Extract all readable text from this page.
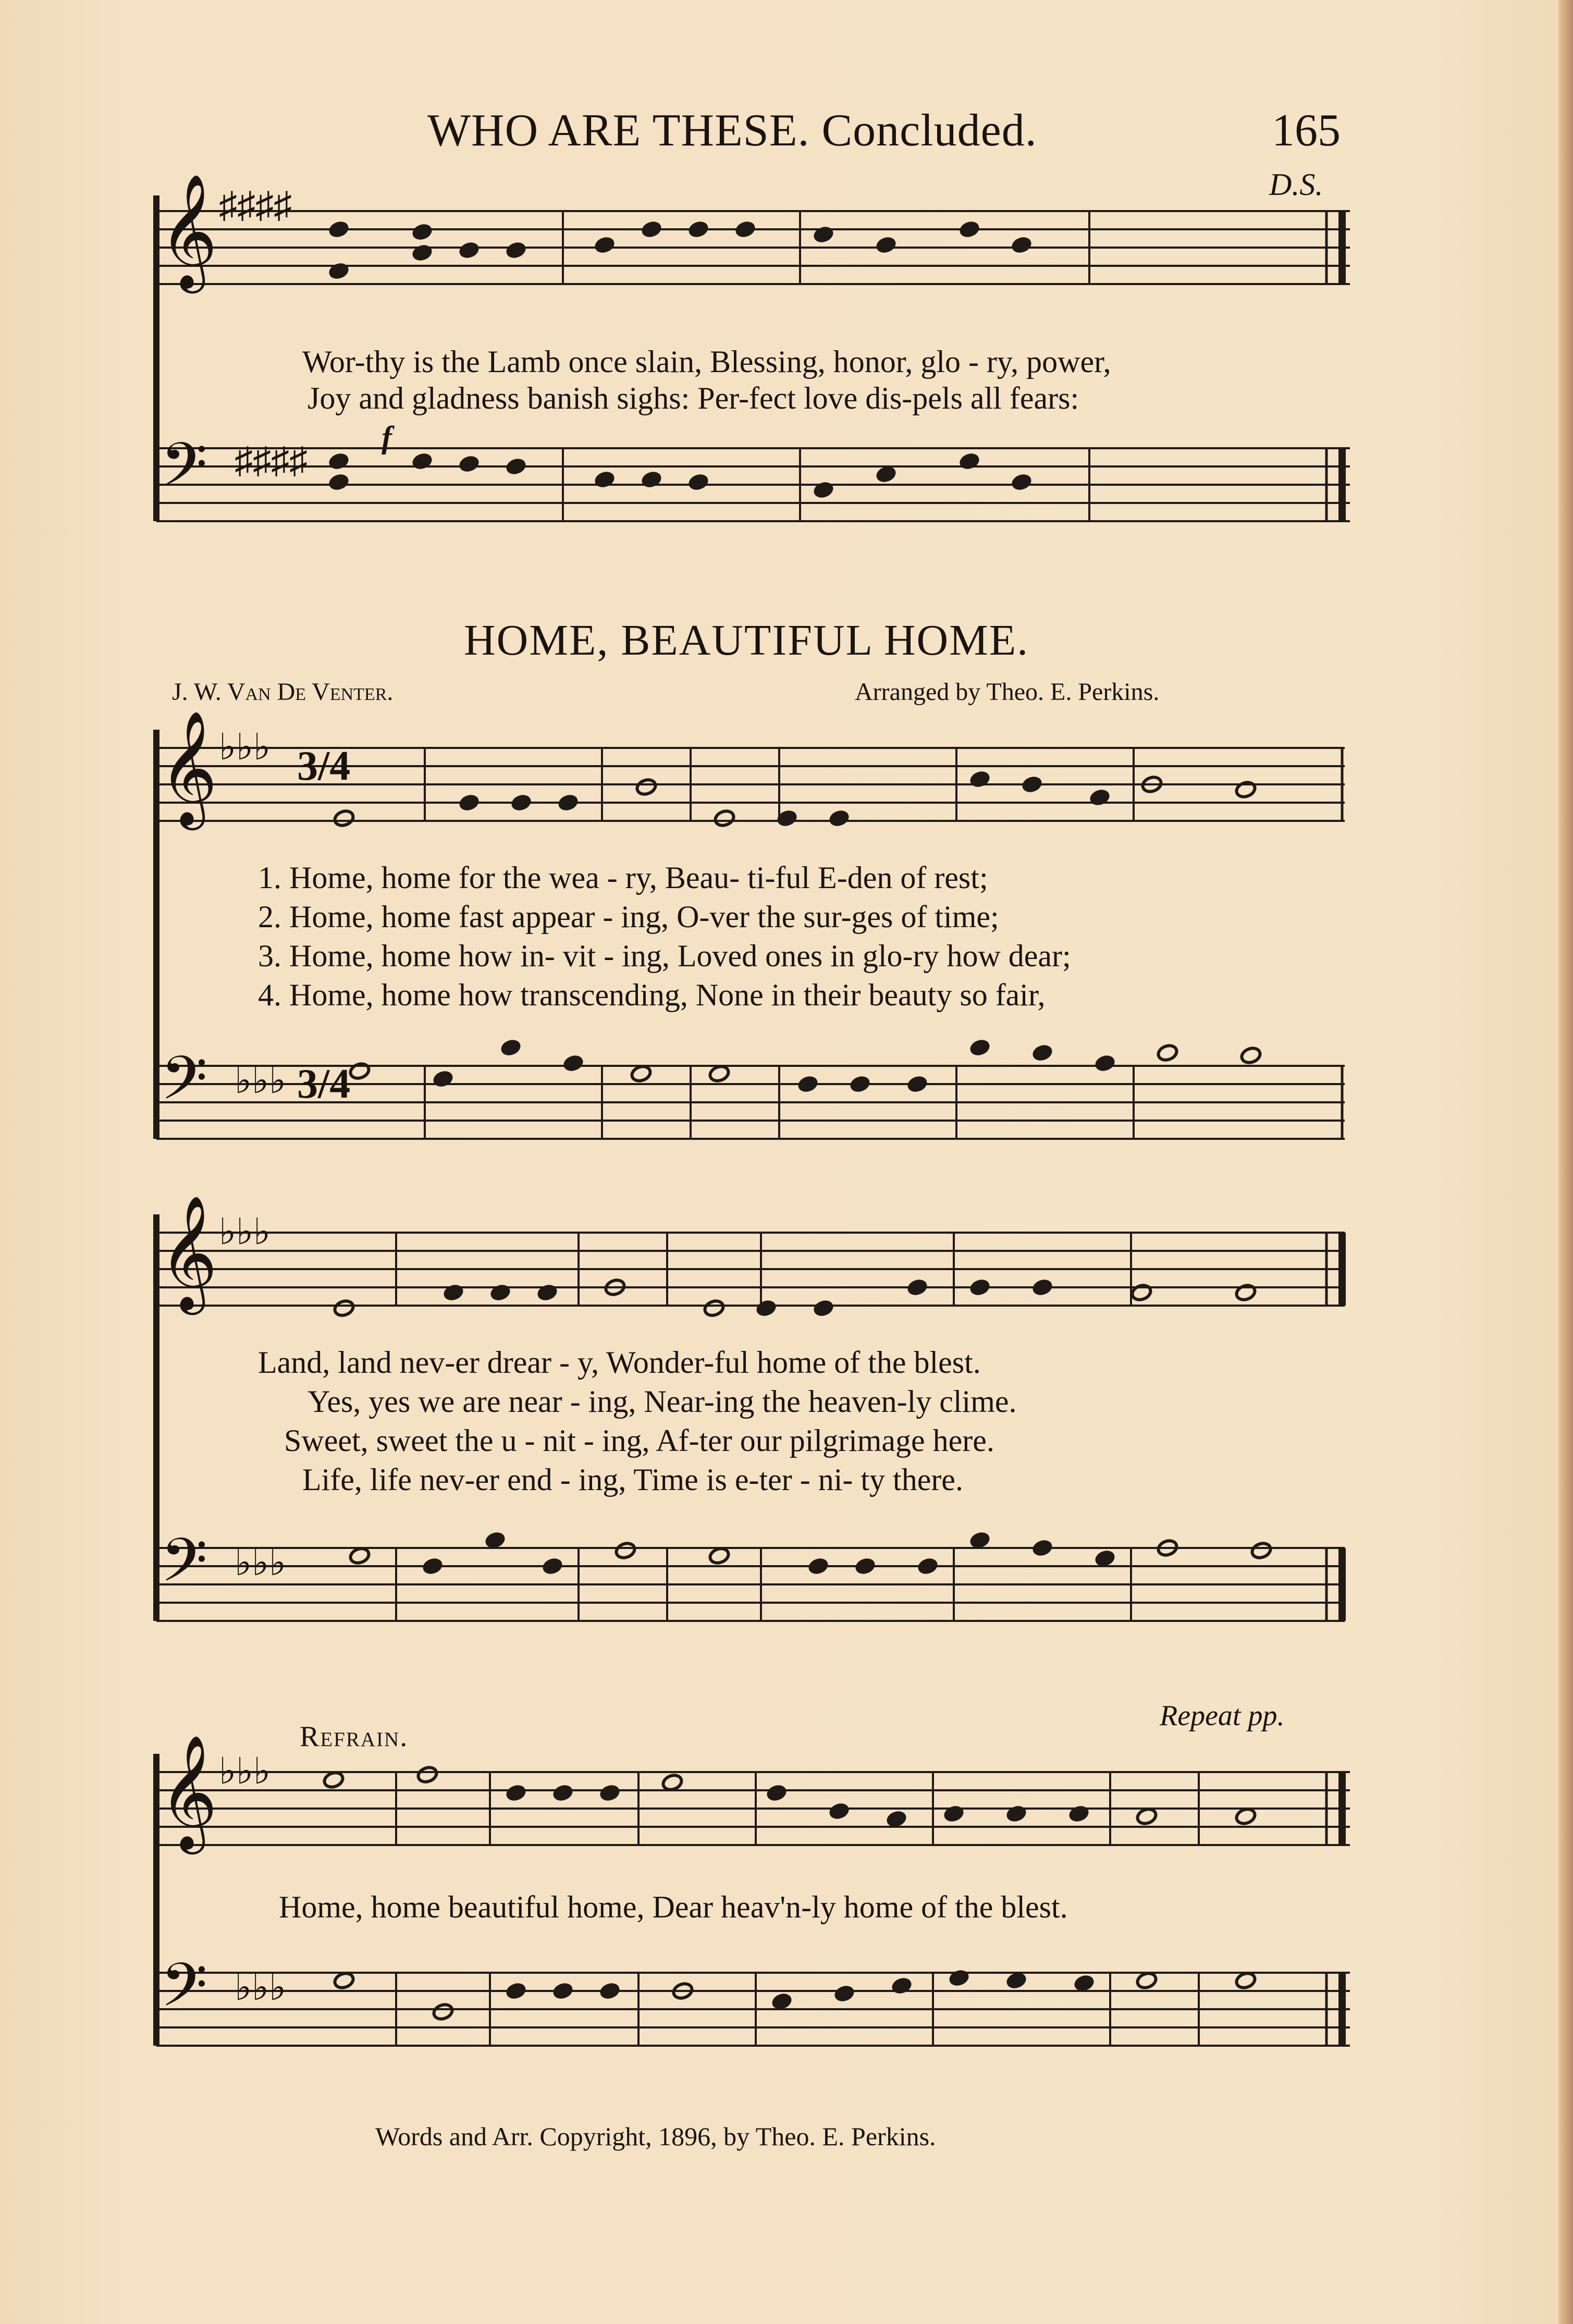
WHO ARE THESE. Concluded.	165
D.S.
𝄞 ♯♯♯♯
Wor-thy is the Lamb once slain, Blessing, honor, glo - ry, power,
Joy and gladness banish sighs: Per-fect love dis-pels all fears:
f
𝄢 ♯♯♯♯
HOME, BEAUTIFUL HOME.
J. W. Van De Venter.	Arranged by Theo. E. Perkins.
𝄞 ♭♭♭ 3/4
1. Home, home for the wea - ry, Beau- ti-ful E-den of rest;
2. Home, home fast appear - ing, O-ver the sur-ges of time;
3. Home, home how in- vit - ing, Loved ones in glo-ry how dear;
4. Home, home how transcending, None in their beauty so fair,
𝄢 ♭♭♭ 3/4
𝄞 ♭♭♭
Land, land nev-er drear - y, Wonder-ful home of the blest.
Yes, yes we are near - ing, Near-ing the heaven-ly clime.
Sweet, sweet the u - nit - ing, Af-ter our pilgrimage here.
Life, life nev-er end - ing, Time is e-ter - ni- ty there.
𝄢 ♭♭♭
Refrain.
Repeat pp.
𝄞 ♭♭♭
Home, home beautiful home, Dear heav'n-ly home of the blest.
𝄢 ♭♭♭
Words and Arr. Copyright, 1896, by Theo. E. Perkins.
